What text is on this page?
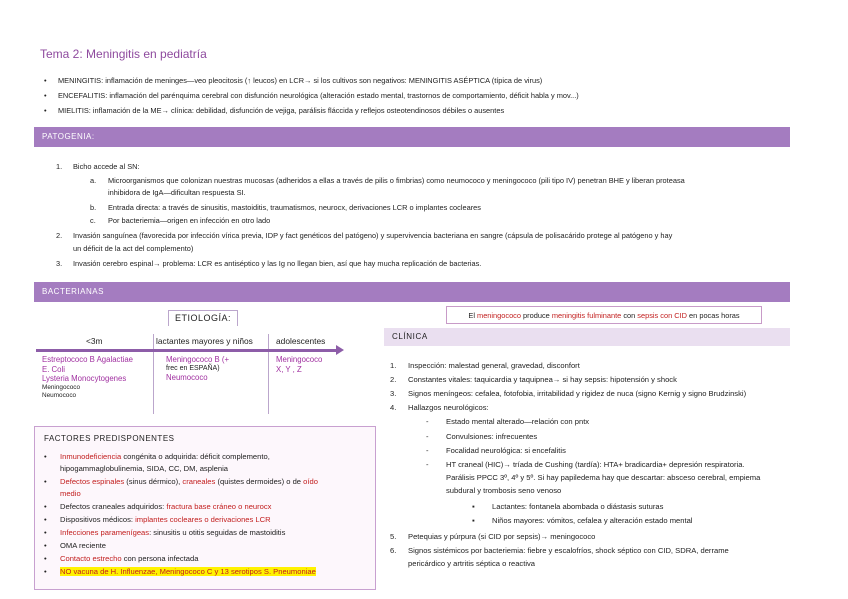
Tema 2: Meningitis en pediatría
• MENINGITIS: inflamación de meninges—veo pleocitosis (↑ leucos) en LCR→ si los cultivos son negativos: MENINGITIS ASÉPTICA (típica de virus)
• ENCEFALITIS: inflamación del parénquima cerebral con disfunción neurológica (alteración estado mental, trastornos de comportamiento, déficit habla y mov...)
• MIELITIS: inflamación de la ME→ clínica: debilidad, disfunción de vejiga, parálisis fláccida y reflejos osteotendinosos débiles o ausentes
PATOGENIA:
1. Bicho accede al SN:
a. Microorganismos que colonizan nuestras mucosas (adheridos a ellas a través de pilis o fimbrias) como neumococo y meningococo (pili tipo IV) penetran BHE y liberan proteasa
inhibidora de IgA—dificultan respuesta SI.
b. Entrada directa: a través de sinusitis, mastoiditis, traumatismos, neurocx, derivaciones LCR o implantes cocleares
c. Por bacteriemia—origen en infección en otro lado
2. Invasión sanguínea (favorecida por infección vírica previa, IDP y fact genéticos del patógeno) y supervivencia bacteriana en sangre (cápsula de polisacárido protege al patógeno y hay
un déficit de la act del complemento)
3. Invasión cerebro espinal→ problema: LCR es antiséptico y las Ig no llegan bien, así que hay mucha replicación de bacterias.
BACTERIANAS
ETIOLOGÍA:
<3m	lactantes mayores y niños	adolescentes
Estreptococo B Agalactiae
E. Coli
Lysteria Monocytogenes
Meningococo
Neumococo
Meningococo B (+
frec en ESPAÑA)
Neumococo
Meningococo
X, Y , Z
FACTORES PREDISPONENTES
• Inmunodeficiencia congénita o adquirida: déficit complemento,
hipogammaglobulinemia, SIDA, CC, DM, asplenia
• Defectos espinales (sinus dérmico), craneales (quistes dermoides) o de oído
medio
• Defectos craneales adquiridos: fractura base cráneo o neurocx
• Dispositivos médicos: implantes cocleares o derivaciones LCR
• Infecciones paramenígeas: sinusitis u otitis seguidas de mastoiditis
• OMA reciente
• Contacto estrecho con persona infectada
• NO vacuna de H. Influenzae, Meningococo C y 13 serotipos S. Pneumoniae
El meningococo produce meningitis fulminante con sepsis con CID en pocas horas
CLÍNICA
1. Inspección: malestad general, gravedad, disconfort
2. Constantes vitales: taquicardia y taquipnea→ si hay sepsis: hipotensión y shock
3. Signos meníngeos: cefalea, fotofobia, irritabilidad y rigidez de nuca (signo Kernig y signo Brudzinski)
4. Hallazgos neurológicos:
- Estado mental alterado—relación con pntx
- Convulsiones: infrecuentes
- Focalidad neurológica: si encefalitis
- HT craneal (HIC)→ tríada de Cushing (tardía): HTA+ bradicardia+ depresión respiratoria.
Parálisis PPCC 3º, 4º y 5º. Si hay papiledema hay que descartar: absceso cerebral, empiema
subdural y trombosis seno venoso
▪ Lactantes: fontanela abombada o diástasis suturas
▪ Niños mayores: vómitos, cefalea y alteración estado mental
5. Petequias y púrpura (si CID por sepsis)→ meningococo
6. Signos sistémicos por bacteriemia: fiebre y escalofríos, shock séptico con CID, SDRA, derrame
pericárdico y artritis séptica o reactiva
